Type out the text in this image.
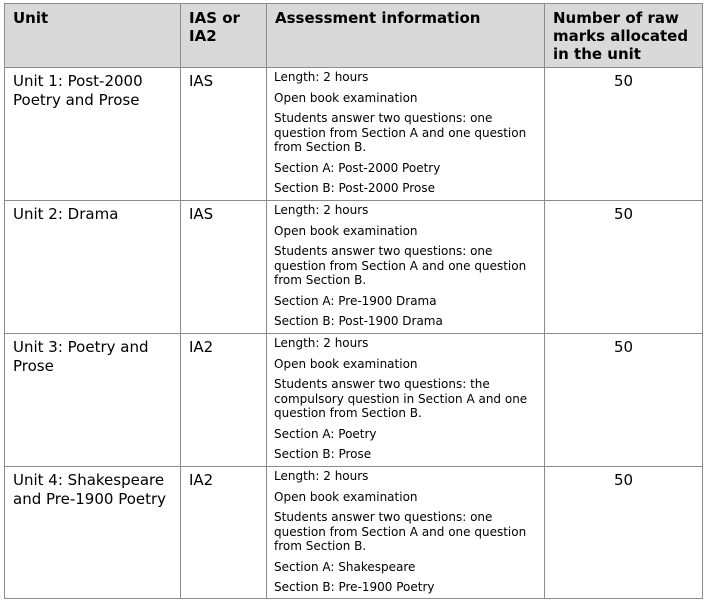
Unit	IAS or IA2	Assessment information	Number of raw marks allocated in the unit
Unit 1: Post-2000 Poetry and Prose	IAS	Length: 2 hours

Open book examination

Students answer two questions: one question from Section A and one question from Section B.

Section A: Post-2000 Poetry

Section B: Post-2000 Prose	50
Unit 2: Drama	IAS	Length: 2 hours

Open book examination

Students answer two questions: one question from Section A and one question from Section B.

Section A: Pre-1900 Drama

Section B: Post-1900 Drama	50
Unit 3: Poetry and Prose	IA2	Length: 2 hours

Open book examination

Students answer two questions: the compulsory question in Section A and one question from Section B.

Section A: Poetry

Section B: Prose	50
Unit 4: Shakespeare and Pre-1900 Poetry	IA2	Length: 2 hours

Open book examination

Students answer two questions: one question from Section A and one question from Section B.

Section A: Shakespeare

Section B: Pre-1900 Poetry	50
